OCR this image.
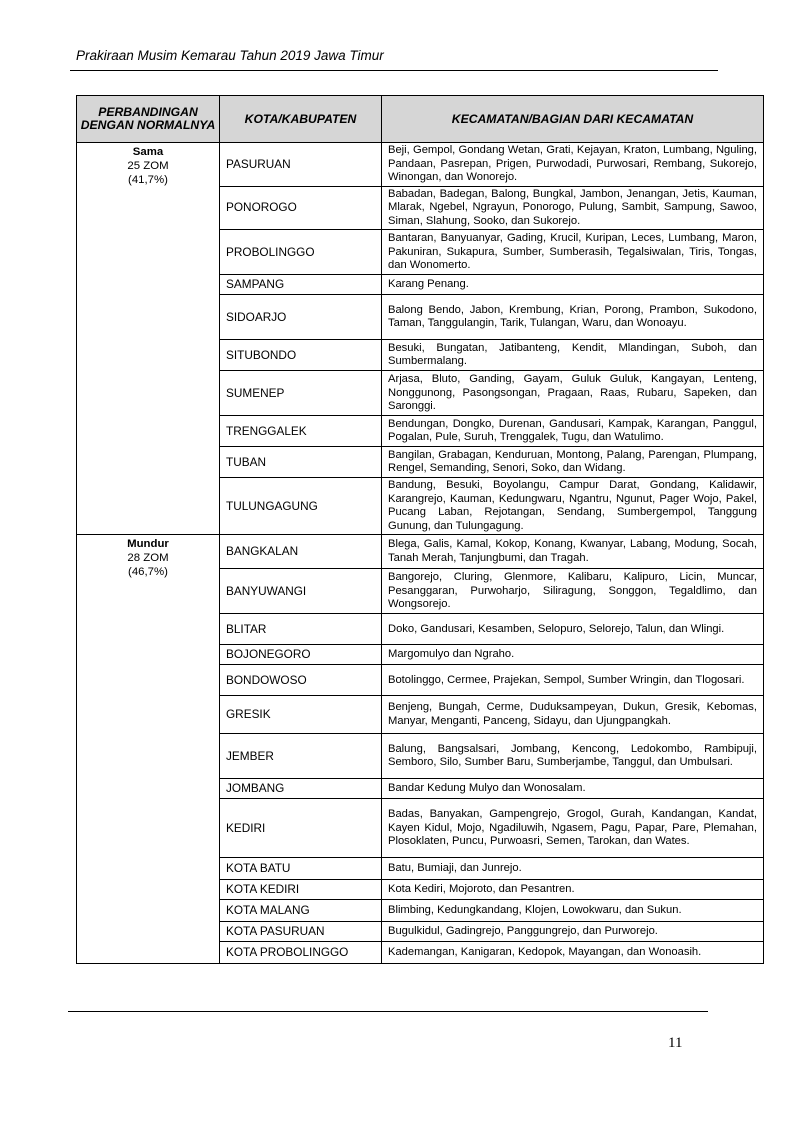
Prakiraan Musim Kemarau Tahun 2019 Jawa Timur
PERBANDINGAN DENGAN NORMALNYA	KOTA/KABUPATEN	KECAMATAN/BAGIAN DARI KECAMATAN

Sama
25 ZOM
(41,7%)	PASURUAN	Beji, Gempol, Gondang Wetan, Grati, Kejayan, Kraton, Lumbang, Nguling, Pandaan, Pasrepan, Prigen, Purwodadi, Purwosari, Rembang, Sukorejo, Winongan, dan Wonorejo.
	PONOROGO	Babadan, Badegan, Balong, Bungkal, Jambon, Jenangan, Jetis, Kauman, Mlarak, Ngebel, Ngrayun, Ponorogo, Pulung, Sambit, Sampung, Sawoo, Siman, Slahung, Sooko, dan Sukorejo.
	PROBOLINGGO	Bantaran, Banyuanyar, Gading, Krucil, Kuripan, Leces, Lumbang, Maron, Pakuniran, Sukapura, Sumber, Sumberasih, Tegalsiwalan, Tiris, Tongas, dan Wonomerto.
	SAMPANG	Karang Penang.
	SIDOARJO	Balong Bendo, Jabon, Krembung, Krian, Porong, Prambon, Sukodono, Taman, Tanggulangin, Tarik, Tulangan, Waru, dan Wonoayu.
	SITUBONDO	Besuki, Bungatan, Jatibanteng, Kendit, Mlandingan, Suboh, dan Sumbermalang.
	SUMENEP	Arjasa, Bluto, Ganding, Gayam, Guluk Guluk, Kangayan, Lenteng, Nonggunong, Pasongsongan, Pragaan, Raas, Rubaru, Sapeken, dan Saronggi.
	TRENGGALEK	Bendungan, Dongko, Durenan, Gandusari, Kampak, Karangan, Panggul, Pogalan, Pule, Suruh, Trenggalek, Tugu, dan Watulimo.
	TUBAN	Bangilan, Grabagan, Kenduruan, Montong, Palang, Parengan, Plumpang, Rengel, Semanding, Senori, Soko, dan Widang.
	TULUNGAGUNG	Bandung, Besuki, Boyolangu, Campur Darat, Gondang, Kalidawir, Karangrejo, Kauman, Kedungwaru, Ngantru, Ngunut, Pager Wojo, Pakel, Pucang Laban, Rejotangan, Sendang, Sumbergempol, Tanggung Gunung, dan Tulungagung.

Mundur
28 ZOM
(46,7%)	BANGKALAN	Blega, Galis, Kamal, Kokop, Konang, Kwanyar, Labang, Modung, Socah, Tanah Merah, Tanjungbumi, dan Tragah.
	BANYUWANGI	Bangorejo, Cluring, Glenmore, Kalibaru, Kalipuro, Licin, Muncar, Pesanggaran, Purwoharjo, Siliragung, Songgon, Tegaldlimo, dan Wongsorejo.
	BLITAR	Doko, Gandusari, Kesamben, Selopuro, Selorejo, Talun, dan Wlingi.
	BOJONEGORO	Margomulyo dan Ngraho.
	BONDOWOSO	Botolinggo, Cermee, Prajekan, Sempol, Sumber Wringin, dan Tlogosari.
	GRESIK	Benjeng, Bungah, Cerme, Duduksampeyan, Dukun, Gresik, Kebomas, Manyar, Menganti, Panceng, Sidayu, dan Ujungpangkah.
	JEMBER	Balung, Bangsalsari, Jombang, Kencong, Ledokombo, Rambipuji, Semboro, Silo, Sumber Baru, Sumberjambe, Tanggul, dan Umbulsari.
	JOMBANG	Bandar Kedung Mulyo dan Wonosalam.
	KEDIRI	Badas, Banyakan, Gampengrejo, Grogol, Gurah, Kandangan, Kandat, Kayen Kidul, Mojo, Ngadiluwih, Ngasem, Pagu, Papar, Pare, Plemahan, Plosoklaten, Puncu, Purwoasri, Semen, Tarokan, dan Wates.
	KOTA BATU	Batu, Bumiaji, dan Junrejo.
	KOTA KEDIRI	Kota Kediri, Mojoroto, dan Pesantren.
	KOTA MALANG	Blimbing, Kedungkandang, Klojen, Lowokwaru, dan Sukun.
	KOTA PASURUAN	Bugulkidul, Gadingrejo, Panggungrejo, dan Purworejo.
	KOTA PROBOLINGGO	Kademangan, Kanigaran, Kedopok, Mayangan, dan Wonoasih.
11
